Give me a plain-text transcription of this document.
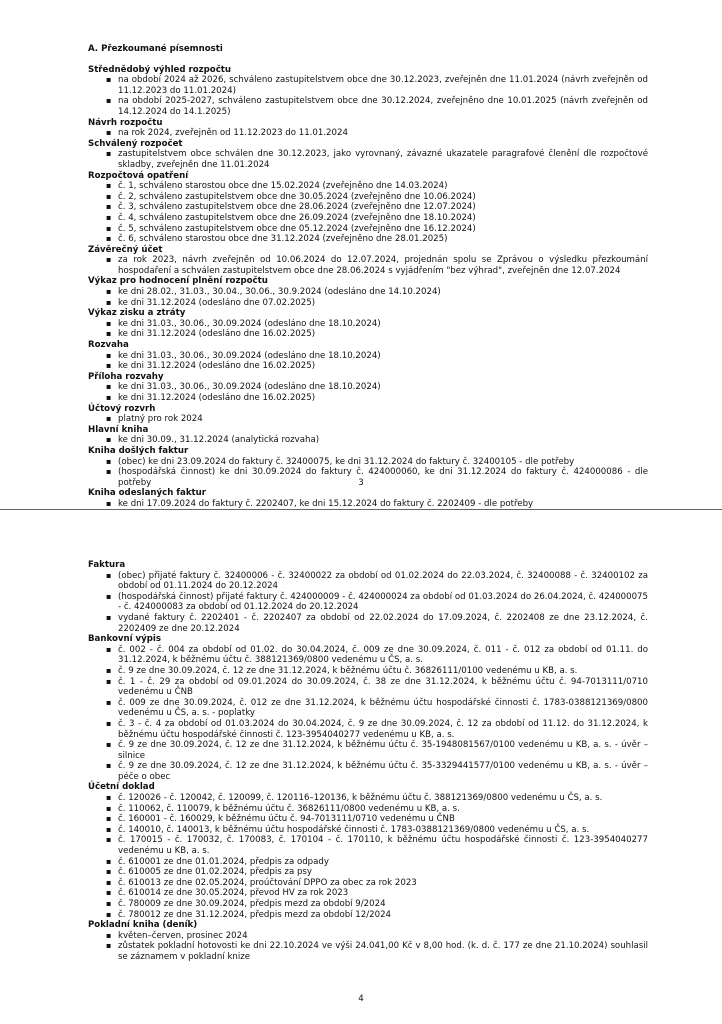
A. Přezkoumané písemnosti
Střednědobý výhled rozpočtu
▪ na období 2024 až 2026, schváleno zastupitelstvem obce dne 30.12.2023, zveřejněn dne 11.01.2024 (návrh zveřejněn od 11.12.2023 do 11.01.2024)
▪ na období 2025-2027, schváleno zastupitelstvem obce dne 30.12.2024, zveřejněno dne 10.01.2025 (návrh zveřejněn od 14.12.2024 do 14.1.2025)
Návrh rozpočtu
▪ na rok 2024, zveřejněn od 11.12.2023 do 11.01.2024
Schválený rozpočet
▪ zastupitelstvem obce schválen dne 30.12.2023, jako vyrovnaný, závazné ukazatele paragrafové členění dle rozpočtové skladby, zveřejněn dne 11.01.2024
Rozpočtová opatření
▪ č. 1, schváleno starostou obce dne 15.02.2024 (zveřejněno dne 14.03.2024)
▪ č. 2, schváleno zastupitelstvem obce dne 30.05.2024 (zveřejněno dne 10.06.2024)
▪ č. 3, schváleno zastupitelstvem obce dne 28.06.2024 (zveřejněno dne 12.07.2024)
▪ č. 4, schváleno zastupitelstvem obce dne 26.09.2024 (zveřejněno dne 18.10.2024)
▪ č. 5, schváleno zastupitelstvem obce dne 05.12.2024 (zveřejněno dne 16.12.2024)
▪ č. 6, schváleno starostou obce dne 31.12.2024 (zveřejněno dne 28.01.2025)
Závěrečný účet
▪ za rok 2023, návrh zveřejněn od 10.06.2024 do 12.07.2024, projednán spolu se Zprávou o výsledku přezkoumání hospodaření a schválen zastupitelstvem obce dne 28.06.2024 s vyjádřením "bez výhrad", zveřejněn dne 12.07.2024
Výkaz pro hodnocení plnění rozpočtu
▪ ke dni 28.02., 31.03., 30.04., 30.06., 30.9.2024 (odesláno dne 14.10.2024)
▪ ke dni 31.12.2024 (odesláno dne 07.02.2025)
Výkaz zisku a ztráty
▪ ke dni 31.03., 30.06., 30.09.2024 (odesláno dne 18.10.2024)
▪ ke dni 31.12.2024 (odesláno dne 16.02.2025)
Rozvaha
▪ ke dni 31.03., 30.06., 30.09.2024 (odesláno dne 18.10.2024)
▪ ke dni 31.12.2024 (odesláno dne 16.02.2025)
Příloha rozvahy
▪ ke dni 31.03., 30.06., 30.09.2024 (odesláno dne 18.10.2024)
▪ ke dni 31.12.2024 (odesláno dne 16.02.2025)
Účtový rozvrh
▪ platný pro rok 2024
Hlavní kniha
▪ ke dni 30.09., 31.12.2024 (analytická rozvaha)
Kniha došlých faktur
▪ (obec) ke dni 23.09.2024 do faktury č. 32400075, ke dni 31.12.2024 do faktury č. 32400105 - dle potřeby
▪ (hospodářská činnost) ke dni 30.09.2024 do faktury č. 424000060, ke dni 31.12.2024 do faktury č. 424000086 - dle potřeby
Kniha odeslaných faktur
▪ ke dni 17.09.2024 do faktury č. 2202407, ke dni 15.12.2024 do faktury č. 2202409 - dle potřeby
3
Faktura
▪ (obec) přijaté faktury č. 32400006 - č. 32400022 za období od 01.02.2024 do 22.03.2024, č. 32400088 - č. 32400102 za období od 01.11.2024 do 20.12.2024
▪ (hospodářská činnost) přijaté faktury č. 424000009 - č. 424000024 za období od 01.03.2024 do 26.04.2024, č. 424000075 - č. 424000083 za období od 01.12.2024 do 20.12.2024
▪ vydané faktury č. 2202401 - č. 2202407 za období od 22.02.2024 do 17.09.2024, č. 2202408 ze dne 23.12.2024, č. 2202409 ze dne 20.12.2024
Bankovní výpis
▪ č. 002 - č. 004 za období od 01.02. do 30.04.2024, č. 009 ze dne 30.09.2024, č. 011 - č. 012 za období od 01.11. do 31.12.2024, k běžnému účtu č. 388121369/0800 vedenému u ČS, a. s.
▪ č. 9 ze dne 30.09.2024, č. 12 ze dne 31.12.2024, k běžnému účtu č. 36826111/0100 vedenému u KB, a. s.
▪ č. 1 - č. 29 za období od 09.01.2024 do 30.09.2024, č. 38 ze dne 31.12.2024, k běžnému účtu č. 94-7013111/0710 vedenému u ČNB
▪ č. 009 ze dne 30.09.2024, č. 012 ze dne 31.12.2024, k běžnému účtu hospodářské činnosti č. 1783-0388121369/0800 vedenému u ČS, a. s. - poplatky
▪ č. 3 - č. 4 za období od 01.03.2024 do 30.04.2024, č. 9 ze dne 30.09.2024, č. 12 za období od 11.12. do 31.12.2024, k běžnému účtu hospodářské činnosti č. 123-3954040277 vedenému u KB, a. s.
▪ č. 9 ze dne 30.09.2024, č. 12 ze dne 31.12.2024, k běžnému účtu č. 35-1948081567/0100 vedenému u KB, a. s. - úvěr – silnice
▪ č. 9 ze dne 30.09.2024, č. 12 ze dne 31.12.2024, k běžnému účtu č. 35-3329441577/0100 vedenému u KB, a. s. - úvěr – péče o obec
Účetní doklad
▪ č. 120026 - č. 120042, č. 120099, č. 120116–120136, k běžnému účtu č. 388121369/0800 vedenému u ČS, a. s.
▪ č. 110062, č. 110079, k běžnému účtu č. 36826111/0800 vedenému u KB, a. s.
▪ č. 160001 - č. 160029, k běžnému účtu č. 94-7013111/0710 vedenému u ČNB
▪ č. 140010, č. 140013, k běžnému účtu hospodářské činnosti č. 1783-0388121369/0800 vedenému u ČS, a. s.
▪ č. 170015 - č. 170032, č. 170083, č. 170104 - č. 170110, k běžnému účtu hospodářské činnosti č. 123-3954040277 vedenému u KB, a. s.
▪ č. 610001 ze dne 01.01.2024, předpis za odpady
▪ č. 610005 ze dne 01.02.2024, předpis za psy
▪ č. 610013 ze dne 02.05.2024, proúčtování DPPO za obec za rok 2023
▪ č. 610014 ze dne 30.05.2024, převod HV za rok 2023
▪ č. 780009 ze dne 30.09.2024, předpis mezd za období 9/2024
▪ č. 780012 ze dne 31.12.2024, předpis mezd za období 12/2024
Pokladní kniha (deník)
▪ květen–červen, prosinec 2024
▪ zůstatek pokladní hotovosti ke dni 22.10.2024 ve výši 24.041,00 Kč v 8,00 hod. (k. d. č. 177 ze dne 21.10.2024) souhlasil se záznamem v pokladní knize
4
